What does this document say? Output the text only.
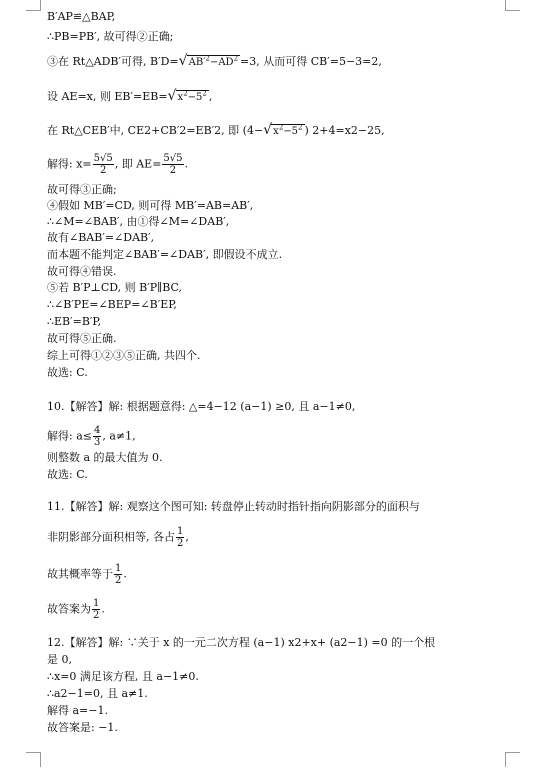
B′AP≌△BAP,
∴PB=PB′, 故可得②正确;
③在 Rt△ADB′可得, B′D= √ $AB'^2-AD^2 =3$, 从而可得 CB′=5−3=2,
设 AE=x, 则 EB′=EB= √ $x^2-5^2$ ,
在 Rt△CEB′中, CE2+CB′2=EB′2, 即 (4− √ $x^2-5^2$ ) 2+4=x2−25,
解得: $x= \frac{5√5}{2}$ , 即 $AE= \frac{5√5}{2}$ .
故可得③正确;
④假如 MB′=CD, 则可得 MB′=AB=AB′,
∴∠M=∠BAB′, 由①得∠M=∠DAB′,
故有∠BAB′=∠DAB′,
而本题不能判定∠BAB′=∠DAB′, 即假设不成立.
故可得④错误.
⑤若 B′P⊥CD, 则 B′P∥BC,
∴∠B′PE=∠BEP=∠B′EP,
∴EB′=B′P,
故可得⑤正确.
综上可得①②③⑤正确, 共四个.
故选: C.
10.【解答】解: 根据题意得: △=4−12 (a−1) ≥0, 且 a−1≠0,
解得: $a\le \frac{4}{3}$ , a≠1,
则整数 a 的最大值为 0.
故选: C.
11.【解答】解: 观察这个图可知: 转盘停止转动时指针指向阴影部分的面积与
非阴影部分面积相等, 各占 $\frac{1}{2}$ ,
故其概率等于 $\frac{1}{2}$ .
故答案为 $\frac{1}{2}$ .
12.【解答】解: ∵关于 x 的一元二次方程 (a−1) x2+x+ (a2−1) =0 的一个根
是 0,
∴x=0 满足该方程, 且 a−1≠0.
∴a2−1=0, 且 a≠1.
解得 a=−1.
故答案是: −1.
